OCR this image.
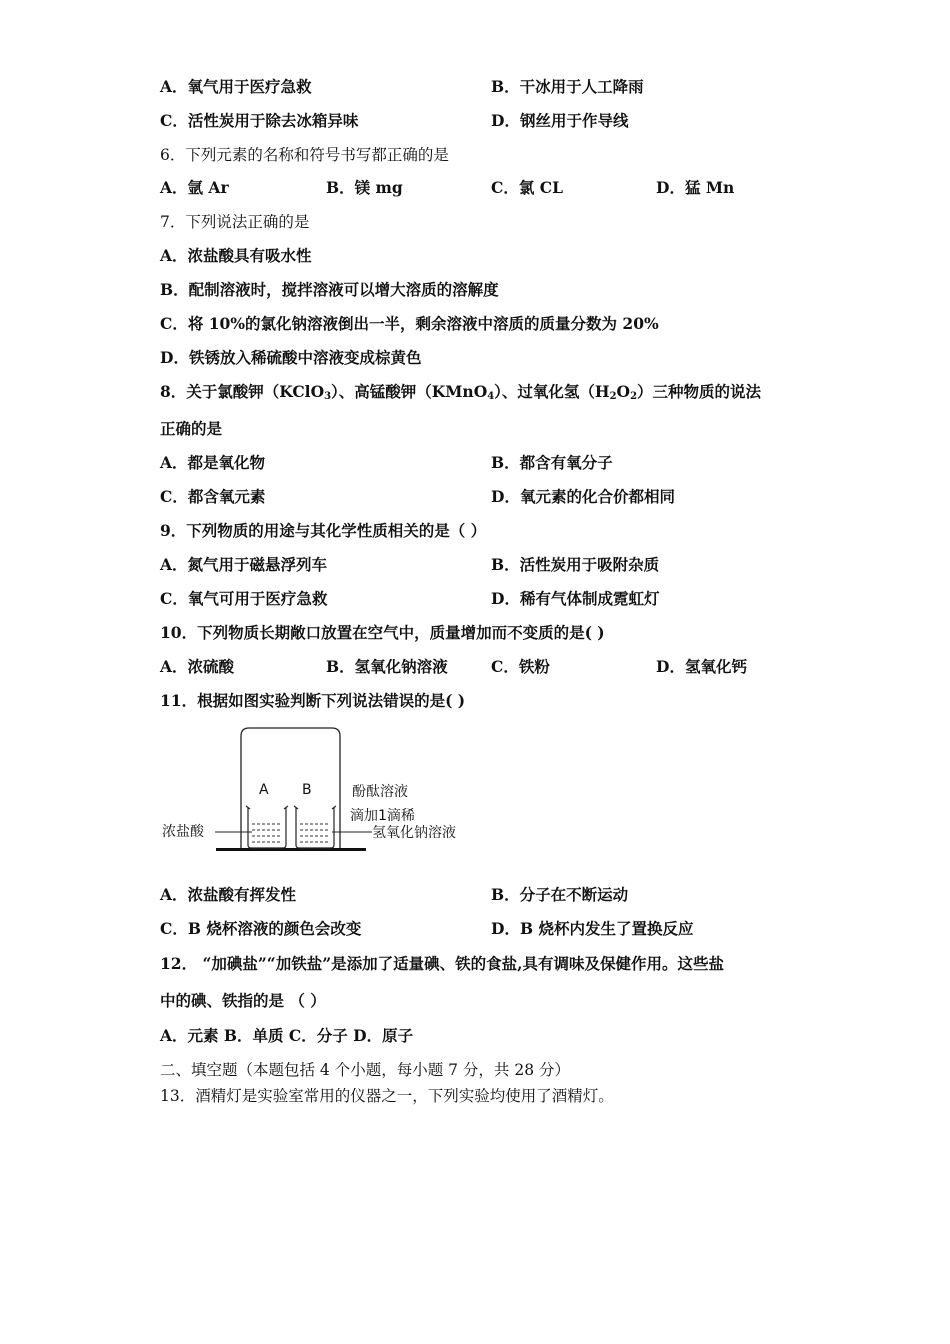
A．氧气用于医疗急救	B．干冰用于人工降雨
C．活性炭用于除去冰箱异味	D．钢丝用于作导线
6．下列元素的名称和符号书写都正确的是
A．氩 Ar	B．镁 mg	C．氯 CL	D．猛 Mn
7．下列说法正确的是
A．浓盐酸具有吸水性
B．配制溶液时，搅拌溶液可以增大溶质的溶解度
C．将 10%的氯化钠溶液倒出一半，剩余溶液中溶质的质量分数为 20%
D．铁锈放入稀硫酸中溶液变成棕黄色
8．关于氯酸钾（KClO$_3$）、高锰酸钾（KMnO$_4$）、过氧化氢$(H_2O_2)$三种物质的说法
正确的是
A．都是氧化物	B．都含有氧分子
C．都含氧元素	D．氧元素的化合价都相同
9．下列物质的用途与其化学性质相关的是（ ）
A．氮气用于磁悬浮列车	B．活性炭用于吸附杂质
C．氧气可用于医疗急救	D．稀有气体制成霓虹灯
10．下列物质长期敞口放置在空气中，质量增加而不变质的是( )
A．浓硫酸	B．氢氧化钠溶液	C．铁粉	D．氢氧化钙
11．根据如图实验判断下列说法错误的是( )
A B	酚酞溶液
滴加1滴稀
氢氧化钠溶液
浓盐酸
A．浓盐酸有挥发性	B．分子在不断运动
C．B 烧杯溶液的颜色会改变	D．B 烧杯内发生了置换反应
12． “加碘盐”“加铁盐”是添加了适量碘、铁的食盐,具有调味及保健作用。这些盐
中的碘、铁指的是 （ ）
A．元素 B．单质 C．分子 D．原子
二、填空题（本题包括 4 个小题，每小题 7 分，共 28 分）
13．酒精灯是实验室常用的仪器之一，下列实验均使用了酒精灯。
